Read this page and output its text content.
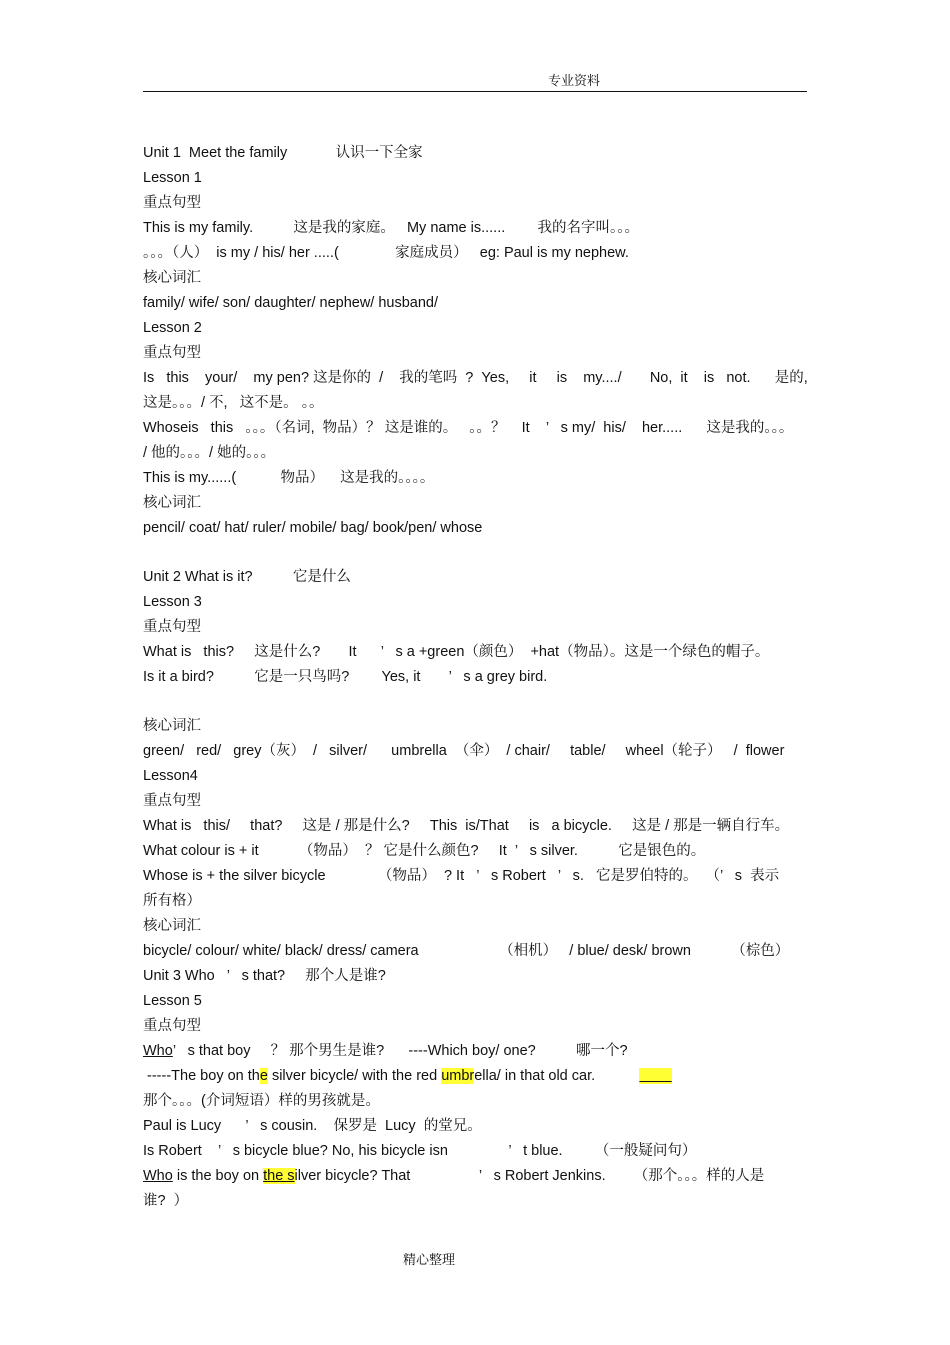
专业资料
Unit 1  Meet the family            认识一下全家
Lesson 1
重点句型
This is my family.          这是我的家庭。   My name is......        我的名字叫。。。
。。。（人）  is my / his/ her .....(              家庭成员）   eg: Paul is my nephew.
核心词汇
family/ wife/ son/ daughter/ nephew/ husband/
Lesson 2
重点句型
Is   this    your/    my pen? 这是你的  /    我的笔吗  ?  Yes,     it     is    my..../       No,  it    is   not.      是的,
这是。。。/ 不,   这不是。 。。
Whoseis   this   。。。（名词,  物品）？ 这是谁的。   。。？    It    ’   s my/  his/    her.....      这是我的。。。
/ 他的。。。/ 她的。。。
This is my......(           物品）    这是我的。。。。
核心词汇
pencil/ coat/ hat/ ruler/ mobile/ bag/ book/pen/ whose
Unit 2 What is it?          它是什么
Lesson 3
重点句型
What is   this?     这是什么?       It      ’   s a +green（颜色）  +hat（物品）。这是一个绿色的帽子。
Is it a bird?          它是一只鸟吗?        Yes, it       ’   s a grey bird.
核心词汇
green/   red/   grey（灰）  /   silver/      umbrella  （伞）  / chair/     table/     wheel（轮子）   /  flower
Lesson4
重点句型
What is   this/     that?     这是 / 那是什么?     This  is/That     is   a bicycle.     这是 / 那是一辆自行车。
What colour is + it          （物品）  ？ 它是什么颜色?     It  ’   s silver.          它是银色的。
Whose is + the silver bicycle             （物品）  ? It   ’   s Robert   ’   s.   它是罗伯特的。  （’   s  表示
所有格）
核心词汇
bicycle/ colour/ white/ black/ dress/ camera                    （相机）   / blue/ desk/ brown          （棕色）
Unit 3 Who   ’   s that?     那个人是谁?
Lesson 5
重点句型
Who’   s that boy     ？ 那个男生是谁?      ----Which boy/ one?          哪一个?
-----The boy on the silver bicycle/ with the red umbrella/ in that old car.
那个。。。(介词短语）样的男孩就是。
Paul is Lucy      ’   s cousin.    保罗是  Lucy  的堂兄。
Is Robert    ’   s bicycle blue? No, his bicycle isn               ’   t blue.        （一般疑问句）
Who is the boy on the silver bicycle? That                 ’   s Robert Jenkins.       （那个。。。样的人是
谁?  ）
精心整理
